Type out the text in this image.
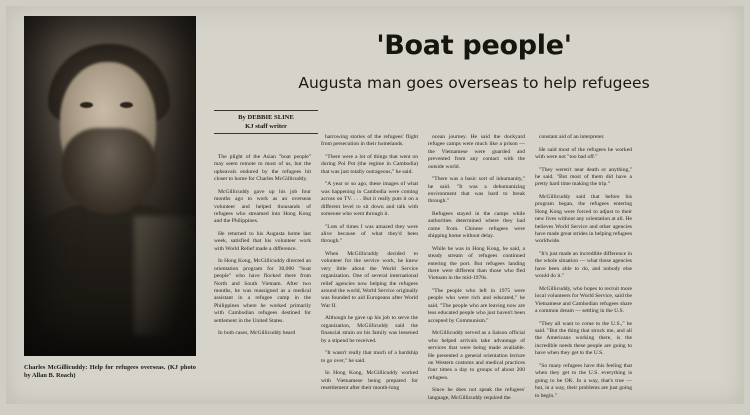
Charles McGillicuddy: Help for refugees overseas. (KJ photo by Allan B. Roach)
'Boat people'
Augusta man goes overseas to help refugees
By DEBBIE SLINE
KJ staff writer

The plight of the Asian "boat people" may seem remote to most of us, but the upheavals endured by the refugees hit closer to home for Charles McGillicuddy.

McGillicuddy gave up his job four months ago to work as an overseas volunteer and helped thousands of refugees who streamed into Hong Kong and the Philippines.

He returned to his Augusta home last week, satisfied that his volunteer work with World Relief made a difference.

In Hong Kong, McGillicuddy directed an orientation program for 30,000 "boat people" who have flocked there from North and South Vietnam. After two months, he was reassigned as a medical assistant in a refugee camp in the Philippines where he worked primarily with Cambodian refugees destined for settlement in the United States.

In both cases, McGillicuddy heard

harrowing stories of the refugees' flight from persecution in their homelands.

"There were a lot of things that went on during Pol Pot (the regime in Cambodia) that was just totally outrageous," he said.

"A year or so ago, these images of what was happening in Cambodia were coming across on TV. . . . But it really puts it on a different level to sit down and talk with someone who went through it.

"Lots of times I was amazed they were alive because of what they'd been through."

When McGillicuddy decided to volunteer for the service work, he knew very little about the World Service organization. One of several international relief agencies now helping the refugees around the world, World Service originally was founded to aid Europeans after World War II.

Although he gave up his job to serve the organization, McGillicuddy said the financial strain on his family was lessened by a stipend he received.

"It wasn't really that much of a hardship to go over," he said.

In Hong Kong, McGillicuddy worked with Vietnamese being prepared for resettlement after their month-long

ocean journey. He said the dockyard refugee camps were much like a prison — the Vietnamese were guarded and prevented from any contact with the outside world.

"There was a basic sort of inhumanity," he said. "It was a dehumanizing environment that was hard to break through."

Refugees stayed in the camps while authorities determined where they had come from. Chinese refugees were shipping home without delay.

While he was in Hong Kong, he said, a steady stream of refugees continued entering the port. But refugees landing there were different than those who fled Vietnam in the mid-1970s.

"The people who left in 1975 were people who were rich and educated," he said. "The people who are leaving now are less educated people who just haven't been accepted by Communism."

McGillicuddy served as a liaison official who helped arrivals take advantage of services that were being made available. He presented a general orientation lecture on Western customs and medical practices four times a day to groups of about 200 refugees.

Since he does not speak the refugees' language, McGillicuddy required the

constant aid of an interpreter.

He said most of the refugees he worked with were not "too bad off."

"They weren't near death or anything," he said. "But most of them did have a pretty hard time making the trip."

McGillicuddy said that before his program began, the refugees entering Hong Kong were forced to adjust to their new lives without any orientation at all. He believes World Service and other agencies have made great strides in helping refugees worldwide.

"It's just made an incredible difference in the whole situation — what those agencies have been able to do, and nobody else would do it."

McGillicuddy, who hopes to recruit more local volunteers for World Service, said the Vietnamese and Cambodian refugees share a common dream — settling in the U.S.

"They all want to come to the U.S.," he said. "But the thing that struck me, and all the Americans working there, is the incredible needs these people are going to have when they get to the U.S.

"So many refugees have this feeling that when they get to the U.S. everything is going to be OK. In a way, that's true — but, in a way, their problems are just going to begin."
